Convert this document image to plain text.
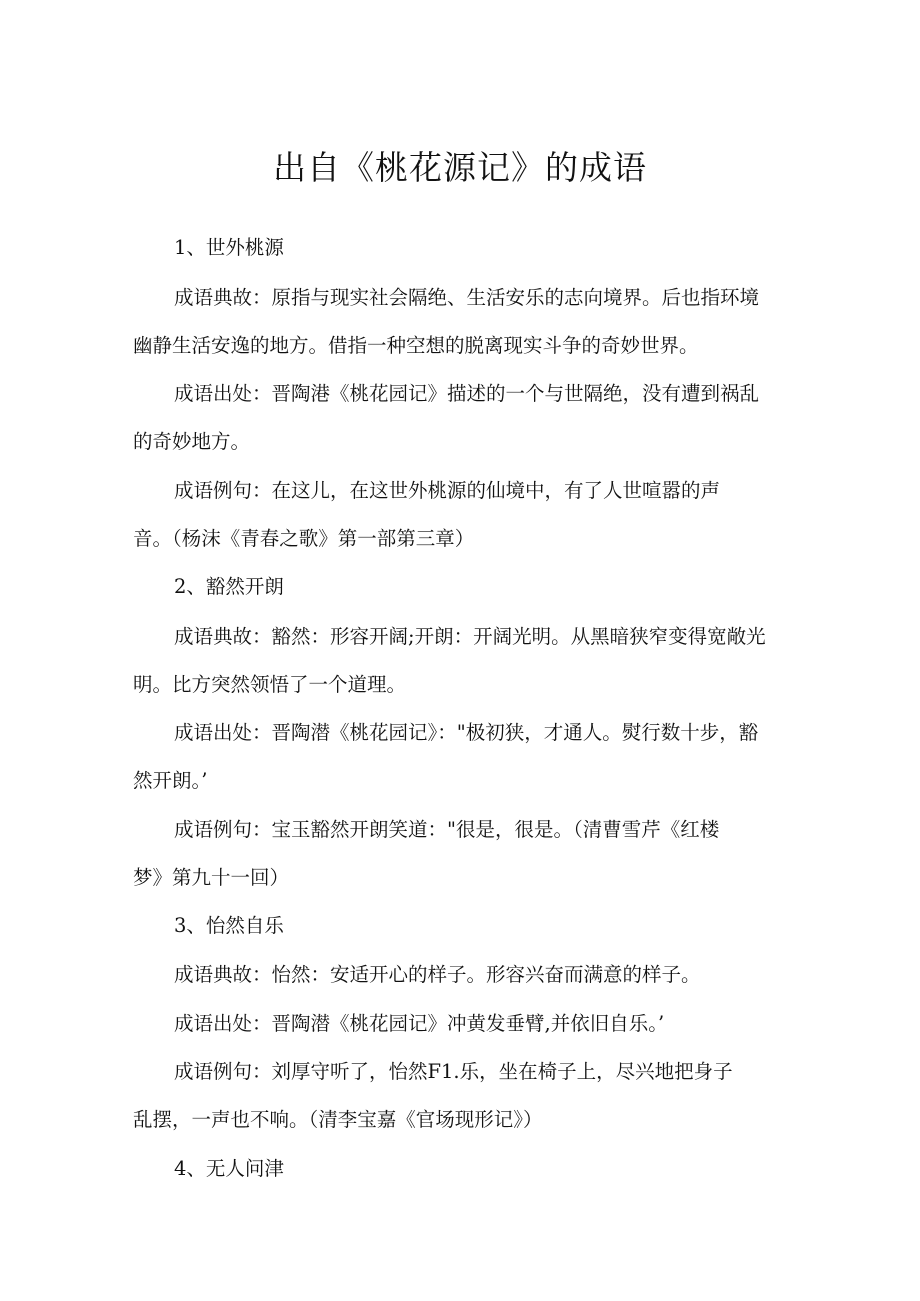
出自《桃花源记》的成语
1、世外桃源
成语典故：原指与现实社会隔绝、生活安乐的志向境界。后也指环境
幽静生活安逸的地方。借指一种空想的脱离现实斗争的奇妙世界。
成语出处：晋陶港《桃花园记》描述的一个与世隔绝，没有遭到祸乱
的奇妙地方。
成语例句：在这儿，在这世外桃源的仙境中，有了人世喧嚣的声
音。（杨沫《青春之歌》第一部第三章）
2、豁然开朗
成语典故：豁然：形容开阔;开朗：开阔光明。从黑暗狭窄变得宽敞光
明。比方突然领悟了一个道理。
成语出处：晋陶潜《桃花园记》："极初狭，才通人。熨行数十步，豁
然开朗。’
成语例句：宝玉豁然开朗笑道："很是，很是。（清曹雪芹《红楼
梦》第九十一回）
3、怡然自乐
成语典故：怡然：安适开心的样子。形容兴奋而满意的样子。
成语出处：晋陶潜《桃花园记》冲黄发垂臂,并依旧自乐。’
成语例句：刘厚守听了，怡然F1.乐，坐在椅子上，尽兴地把身子
乱摆，一声也不响。（清李宝嘉《官场现形记》）
4、无人问津
